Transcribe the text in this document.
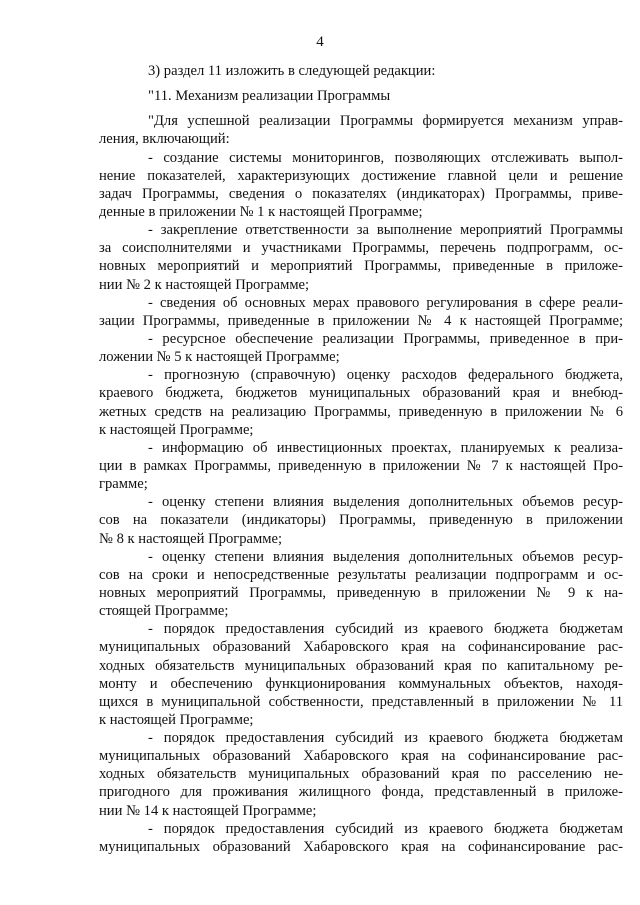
4
3) раздел 11 изложить в следующей редакции:
"11. Механизм реализации Программы
"Для успешной реализации Программы формируется механизм управ-
ления, включающий:
- создание системы мониторингов, позволяющих отслеживать выпол-
нение показателей, характеризующих достижение главной цели и решение
задач Программы, сведения о показателях (индикаторах) Программы, приве-
денные в приложении № 1 к настоящей Программе;
- закрепление ответственности за выполнение мероприятий Программы
за соисполнителями и участниками Программы, перечень подпрограмм, ос-
новных мероприятий и мероприятий Программы, приведенные в приложе-
нии № 2 к настоящей Программе;
- сведения об основных мерах правового регулирования в сфере реали-
зации Программы, приведенные в приложении № 4 к настоящей Программе;
- ресурсное обеспечение реализации Программы, приведенное в при-
ложении № 5 к настоящей Программе;
- прогнозную (справочную) оценку расходов федерального бюджета,
краевого бюджета, бюджетов муниципальных образований края и внебюд-
жетных средств на реализацию Программы, приведенную в приложении № 6
к настоящей Программе;
- информацию об инвестиционных проектах, планируемых к реализа-
ции в рамках Программы, приведенную в приложении № 7 к настоящей Про-
грамме;
- оценку степени влияния выделения дополнительных объемов ресур-
сов на показатели (индикаторы) Программы, приведенную в приложении
№ 8 к настоящей Программе;
- оценку степени влияния выделения дополнительных объемов ресур-
сов на сроки и непосредственные результаты реализации подпрограмм и ос-
новных мероприятий Программы, приведенную в приложении № 9 к на-
стоящей Программе;
- порядок предоставления субсидий из краевого бюджета бюджетам
муниципальных образований Хабаровского края на софинансирование рас-
ходных обязательств муниципальных образований края по капитальному ре-
монту и обеспечению функционирования коммунальных объектов, находя-
щихся в муниципальной собственности, представленный в приложении № 11
к настоящей Программе;
- порядок предоставления субсидий из краевого бюджета бюджетам
муниципальных образований Хабаровского края на софинансирование рас-
ходных обязательств муниципальных образований края по расселению не-
пригодного для проживания жилищного фонда, представленный в приложе-
нии № 14 к настоящей Программе;
- порядок предоставления субсидий из краевого бюджета бюджетам
муниципальных образований Хабаровского края на софинансирование рас-
